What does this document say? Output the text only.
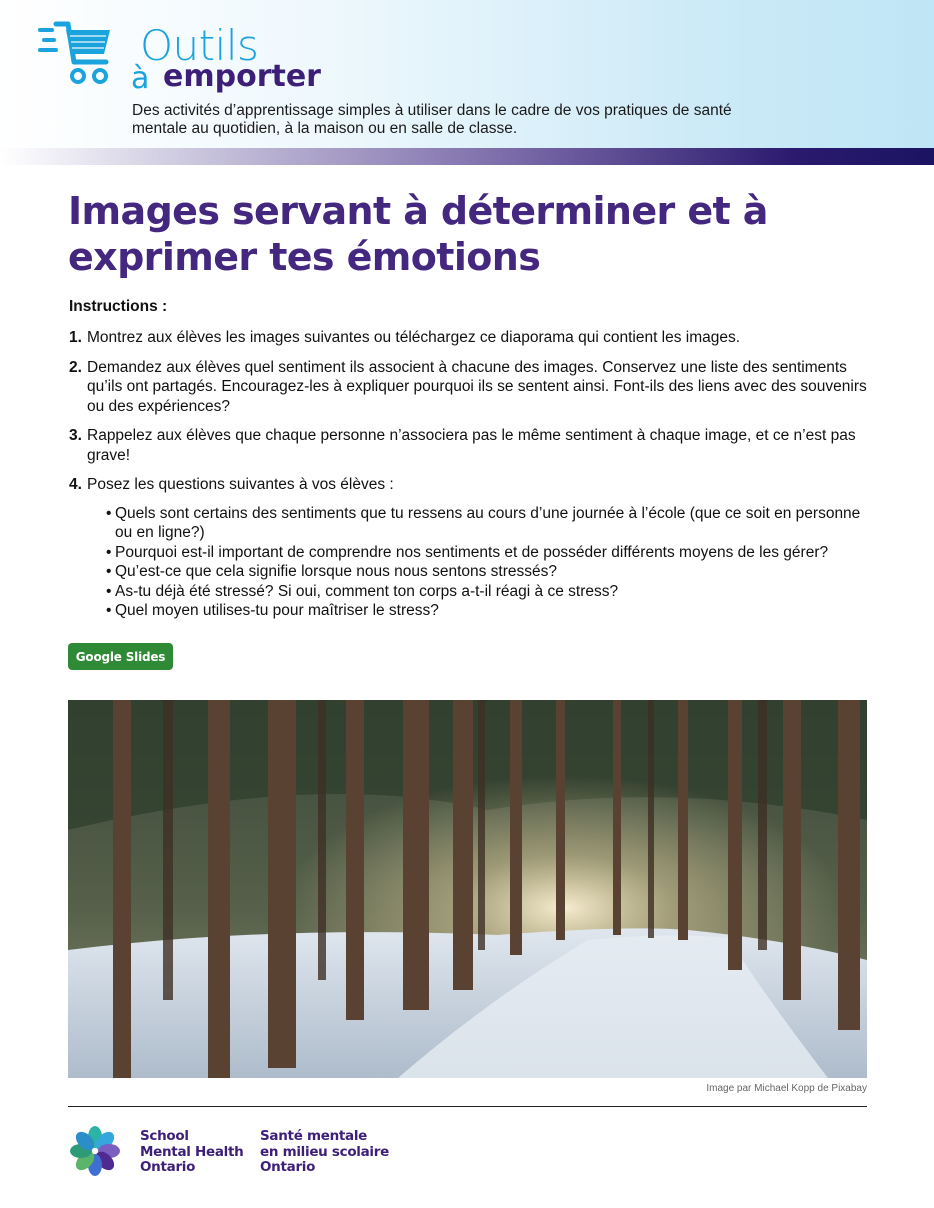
Outils
à emporter
Des activités d’apprentissage simples à utiliser dans le cadre de vos pratiques de santé mentale au quotidien, à la maison ou en salle de classe.
Images servant à déterminer et à exprimer tes émotions
Instructions :
1. Montrez aux élèves les images suivantes ou téléchargez ce diaporama qui contient les images.
2. Demandez aux élèves quel sentiment ils associent à chacune des images. Conservez une liste des sentiments qu’ils ont partagés. Encouragez-les à expliquer pourquoi ils se sentent ainsi. Font-ils des liens avec des souvenirs ou des expériences?
3. Rappelez aux élèves que chaque personne n’associera pas le même sentiment à chaque image, et ce n’est pas grave!
4. Posez les questions suivantes à vos élèves :

• Quels sont certains des sentiments que tu ressens au cours d’une journée à l’école (que ce soit en personne ou en ligne?)

• Pourquoi est-il important de comprendre nos sentiments et de posséder différents moyens de les gérer?

• Qu’est-ce que cela signifie lorsque nous nous sentons stressés?

• As-tu déjà été stressé? Si oui, comment ton corps a-t-il réagi à ce stress?

• Quel moyen utilises-tu pour maîtriser le stress?

Google Slides
Image par Michael Kopp de Pixabay
School
Mental Health
Ontario
Santé mentale
en milieu scolaire
Ontario
